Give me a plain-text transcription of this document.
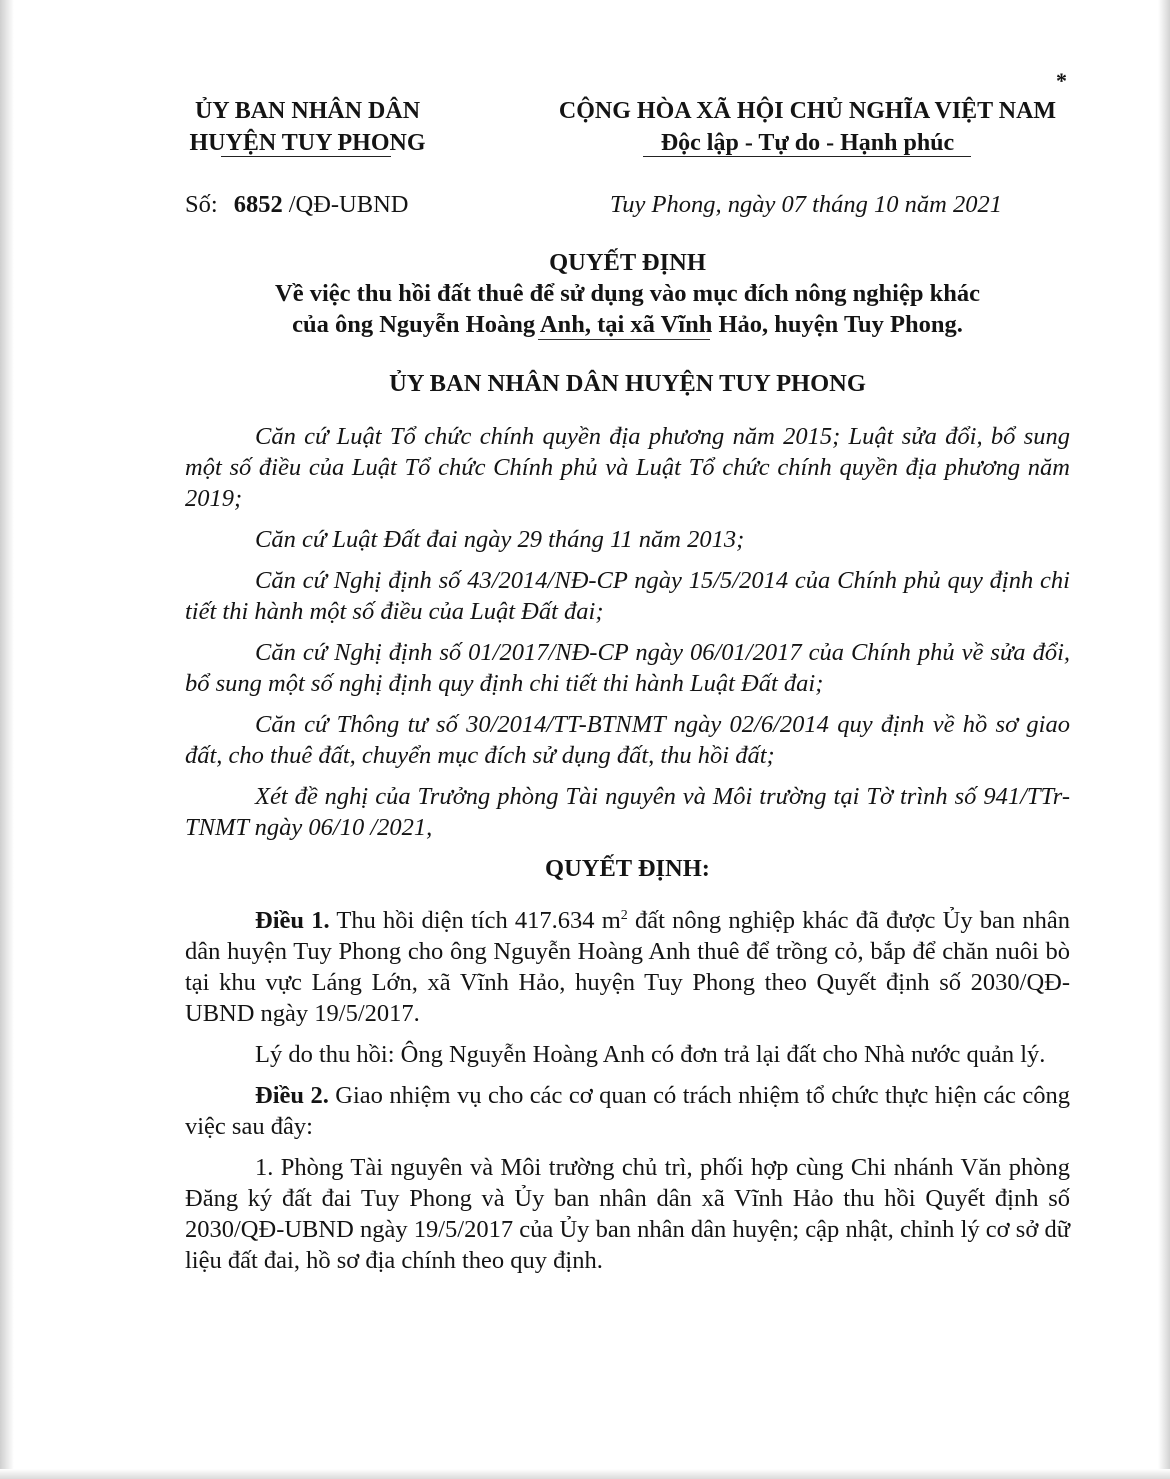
*
ỦY BAN NHÂN DÂN
HUYỆN TUY PHONG
CỘNG HÒA XÃ HỘI CHỦ NGHĨA VIỆT NAM
Độc lập - Tự do - Hạnh phúc
Số: 6852 /QĐ-UBND	Tuy Phong, ngày 07 tháng 10 năm 2021
QUYẾT ĐỊNH
Về việc thu hồi đất thuê để sử dụng vào mục đích nông nghiệp khác
của ông Nguyễn Hoàng Anh, tại xã Vĩnh Hảo, huyện Tuy Phong.
ỦY BAN NHÂN DÂN HUYỆN TUY PHONG

Căn cứ Luật Tổ chức chính quyền địa phương năm 2015; Luật sửa đổi, bổ sung một số điều của Luật Tổ chức Chính phủ và Luật Tổ chức chính quyền địa phương năm 2019;

Căn cứ Luật Đất đai ngày 29 tháng 11 năm 2013;

Căn cứ Nghị định số 43/2014/NĐ-CP ngày 15/5/2014 của Chính phủ quy định chi tiết thi hành một số điều của Luật Đất đai;

Căn cứ Nghị định số 01/2017/NĐ-CP ngày 06/01/2017 của Chính phủ về sửa đổi, bổ sung một số nghị định quy định chi tiết thi hành Luật Đất đai;

Căn cứ Thông tư số 30/2014/TT-BTNMT ngày 02/6/2014 quy định về hồ sơ giao đất, cho thuê đất, chuyển mục đích sử dụng đất, thu hồi đất;

Xét đề nghị của Trưởng phòng Tài nguyên và Môi trường tại Tờ trình số 941/TTr-TNMT ngày 06/10 /2021,

QUYẾT ĐỊNH:

Điều 1. Thu hồi diện tích 417.634 $m^2$ đất nông nghiệp khác đã được Ủy ban nhân dân huyện Tuy Phong cho ông Nguyễn Hoàng Anh thuê để trồng cỏ, bắp để chăn nuôi bò tại khu vực Láng Lớn, xã Vĩnh Hảo, huyện Tuy Phong theo Quyết định số 2030/QĐ-UBND ngày 19/5/2017.

Lý do thu hồi: Ông Nguyễn Hoàng Anh có đơn trả lại đất cho Nhà nước quản lý.

Điều 2. Giao nhiệm vụ cho các cơ quan có trách nhiệm tổ chức thực hiện các công việc sau đây:

1. Phòng Tài nguyên và Môi trường chủ trì, phối hợp cùng Chi nhánh Văn phòng Đăng ký đất đai Tuy Phong và Ủy ban nhân dân xã Vĩnh Hảo thu hồi Quyết định số 2030/QĐ-UBND ngày 19/5/2017 của Ủy ban nhân dân huyện; cập nhật, chỉnh lý cơ sở dữ liệu đất đai, hồ sơ địa chính theo quy định.
